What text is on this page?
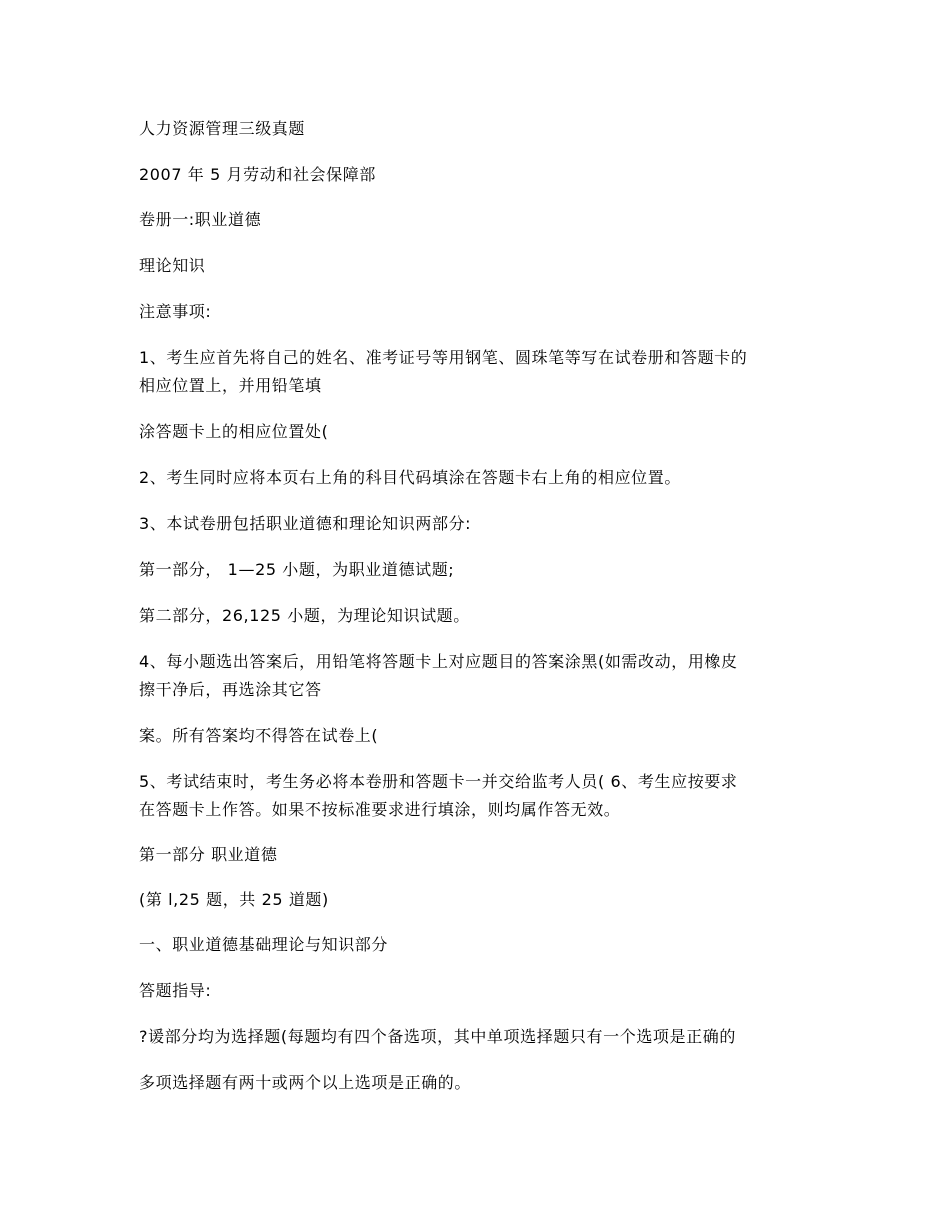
人力资源管理三级真题

2007 年 5 月劳动和社会保障部

卷册一:职业道德

理论知识

注意事项:

1、考生应首先将自己的姓名、准考证号等用钢笔、圆珠笔等写在试卷册和答题卡的

相应位置上，并用铅笔填

涂答题卡上的相应位置处(

2、考生同时应将本页右上角的科目代码填涂在答题卡右上角的相应位置。

3、本试卷册包括职业道德和理论知识两部分:

第一部分， 1—25 小题，为职业道德试题;

第二部分，26,125 小题，为理论知识试题。

4、每小题选出答案后，用铅笔将答题卡上对应题目的答案涂黑(如需改动，用橡皮

擦干净后，再选涂其它答

案。所有答案均不得答在试卷上(

5、考试结束时，考生务必将本卷册和答题卡一并交给监考人员( 6、考生应按要求

在答题卡上作答。如果不按标准要求进行填涂，则均属作答无效。

第一部分 职业道德

(第 l,25 题，共 25 道题)

一、职业道德基础理论与知识部分

答题指导:

?谖部分均为选择题(每题均有四个备选项，其中单项选择题只有一个选项是正确的

多项选择题有两十或两个以上选项是正确的。
